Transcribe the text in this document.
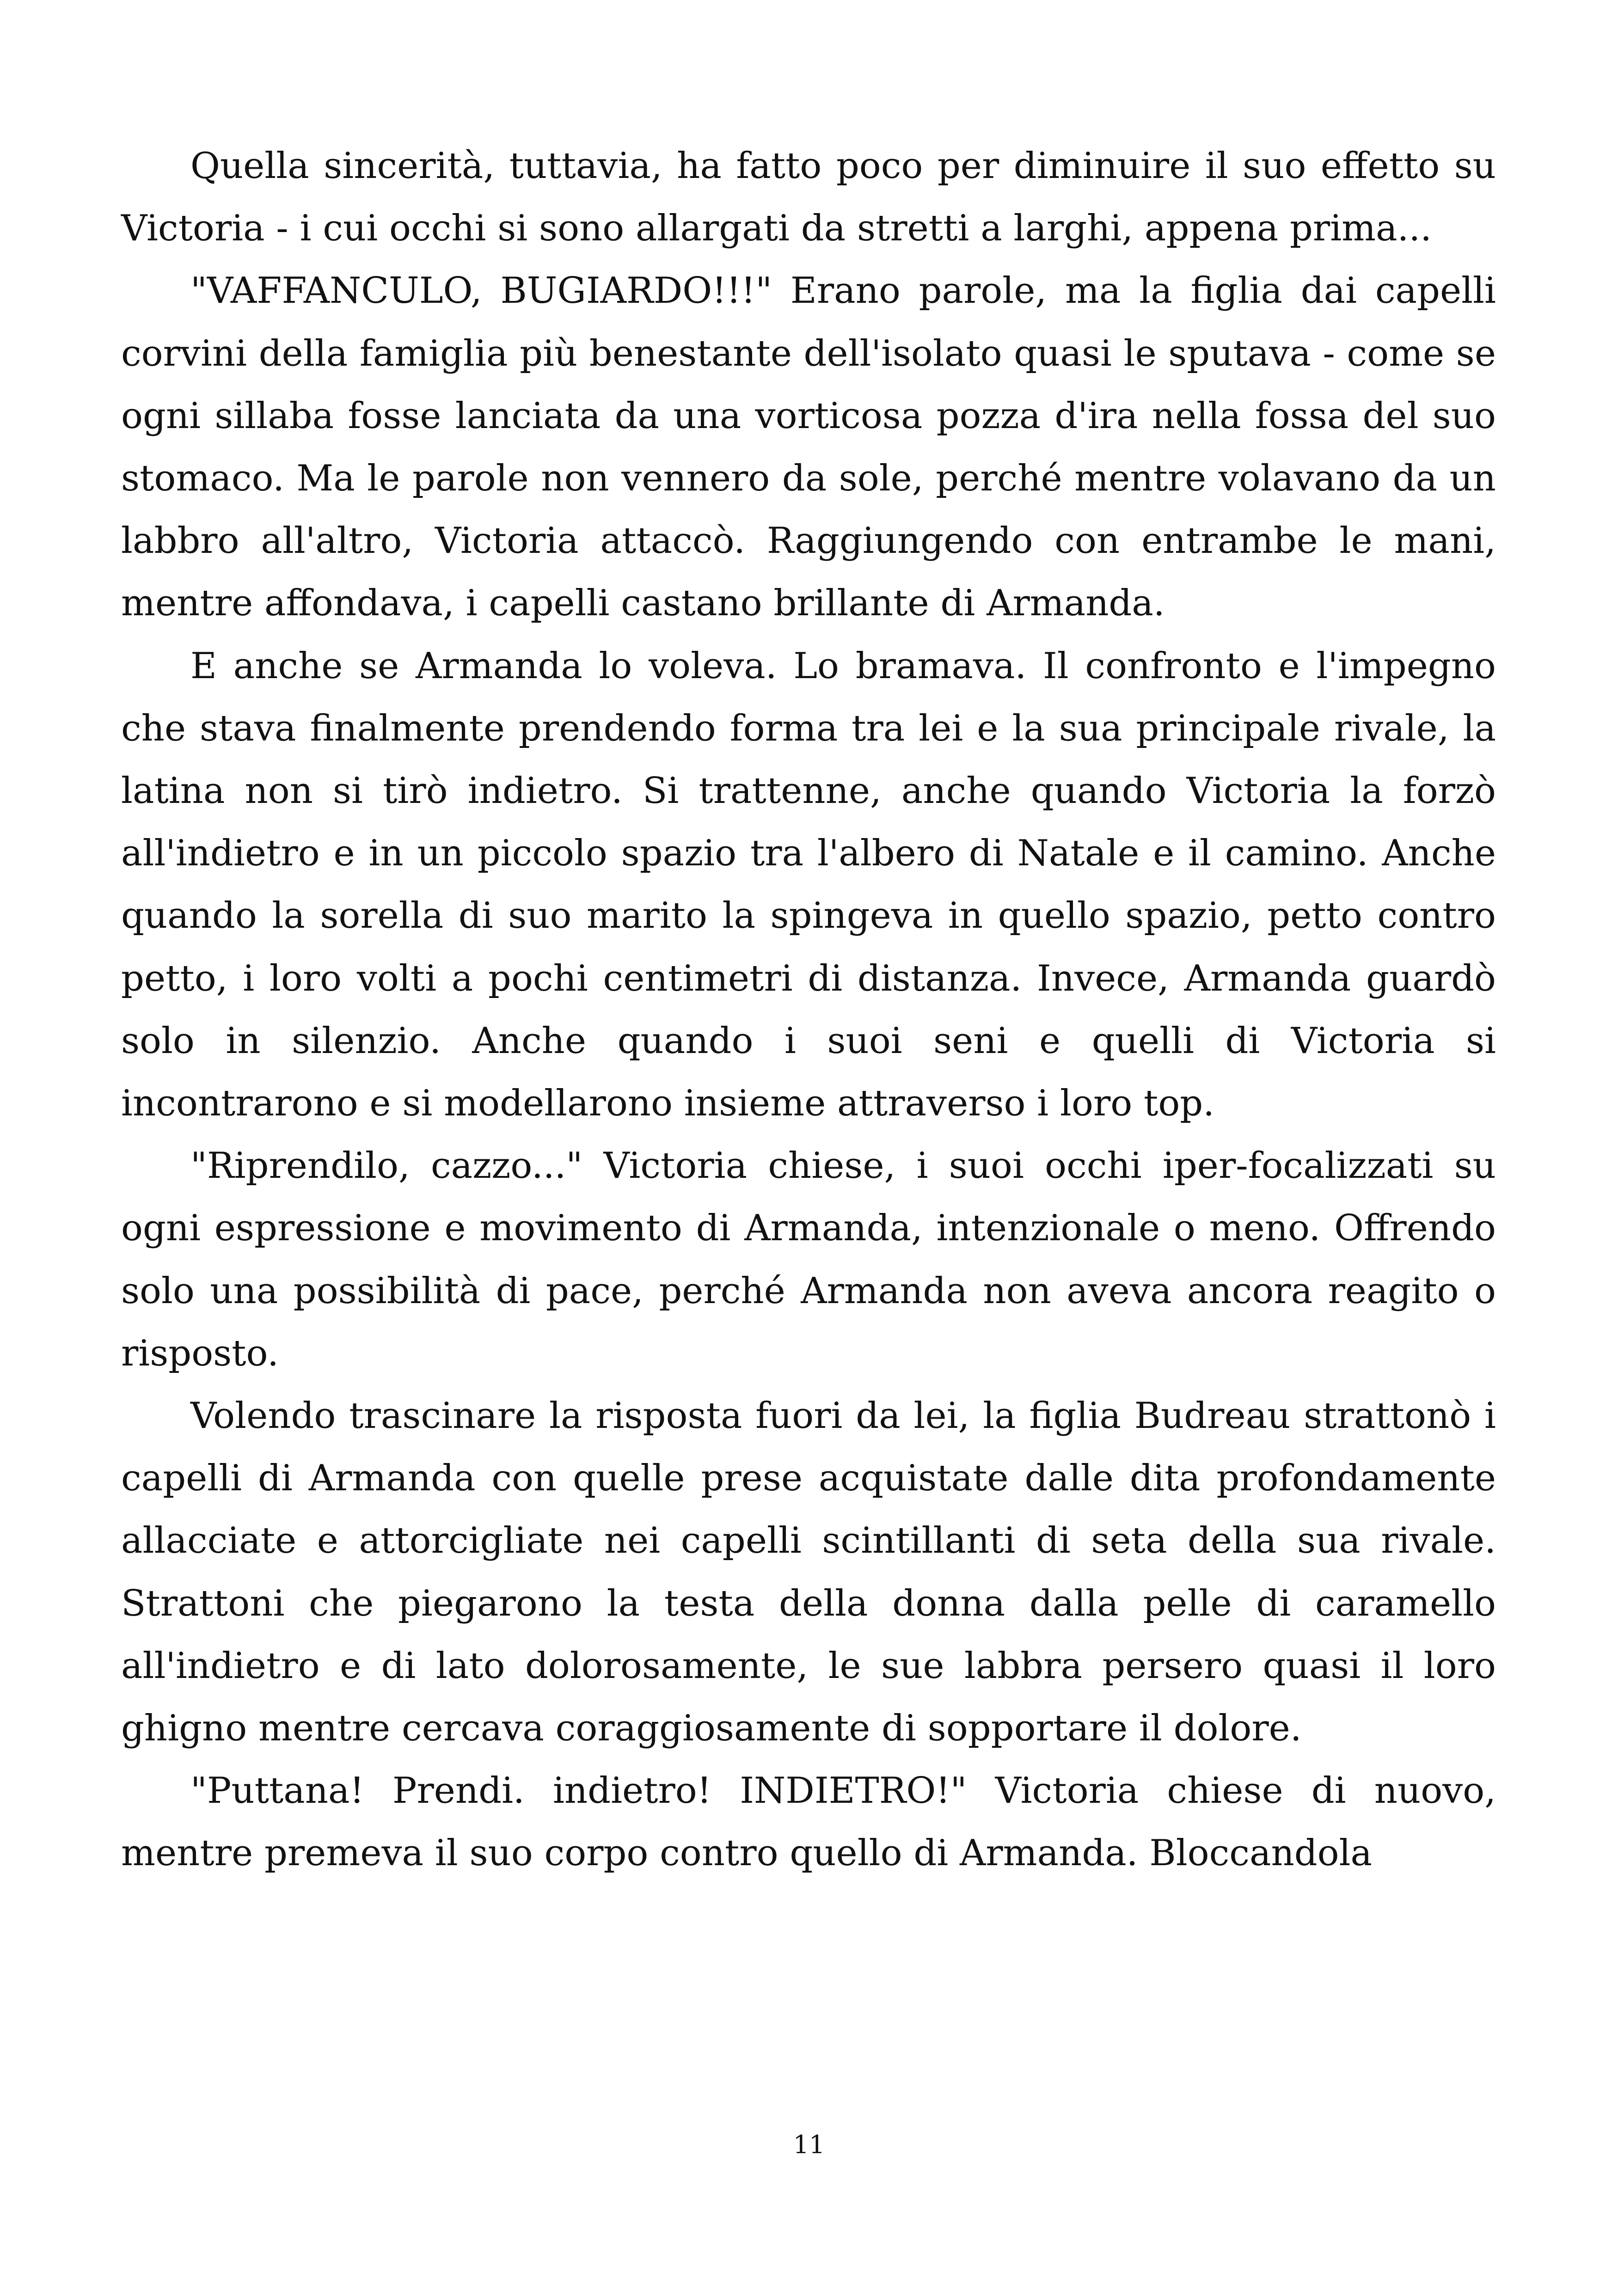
Quella sincerità, tuttavia, ha fatto poco per diminuire il suo effetto su Victoria - i cui occhi si sono allargati da stretti a larghi, appena prima...

"VAFFANCULO, BUGIARDO!!!" Erano parole, ma la figlia dai capelli corvini della famiglia più benestante dell'isolato quasi le sputava - come se ogni sillaba fosse lanciata da una vorticosa pozza d'ira nella fossa del suo stomaco. Ma le parole non vennero da sole, perché mentre volavano da un labbro all'altro, Victoria attaccò. Raggiungendo con entrambe le mani, mentre affondava, i capelli castano brillante di Armanda.

E anche se Armanda lo voleva. Lo bramava. Il confronto e l'impegno che stava finalmente prendendo forma tra lei e la sua principale rivale, la latina non si tirò indietro. Si trattenne, anche quando Victoria la forzò all'indietro e in un piccolo spazio tra l'albero di Natale e il camino. Anche quando la sorella di suo marito la spingeva in quello spazio, petto contro petto, i loro volti a pochi centimetri di distanza. Invece, Armanda guardò solo in silenzio. Anche quando i suoi seni e quelli di Victoria si incontrarono e si modellarono insieme attraverso i loro top.

"Riprendilo, cazzo..." Victoria chiese, i suoi occhi iper-focalizzati su ogni espressione e movimento di Armanda, intenzionale o meno. Offrendo solo una possibilità di pace, perché Armanda non aveva ancora reagito o risposto.

Volendo trascinare la risposta fuori da lei, la figlia Budreau strattonò i capelli di Armanda con quelle prese acquistate dalle dita profondamente allacciate e attorcigliate nei capelli scintillanti di seta della sua rivale. Strattoni che piegarono la testa della donna dalla pelle di caramello all'indietro e di lato dolorosamente, le sue labbra persero quasi il loro ghigno mentre cercava coraggiosamente di sopportare il dolore.

"Puttana! Prendi. indietro! INDIETRO!" Victoria chiese di nuovo, mentre premeva il suo corpo contro quello di Armanda. Bloccandola

11
